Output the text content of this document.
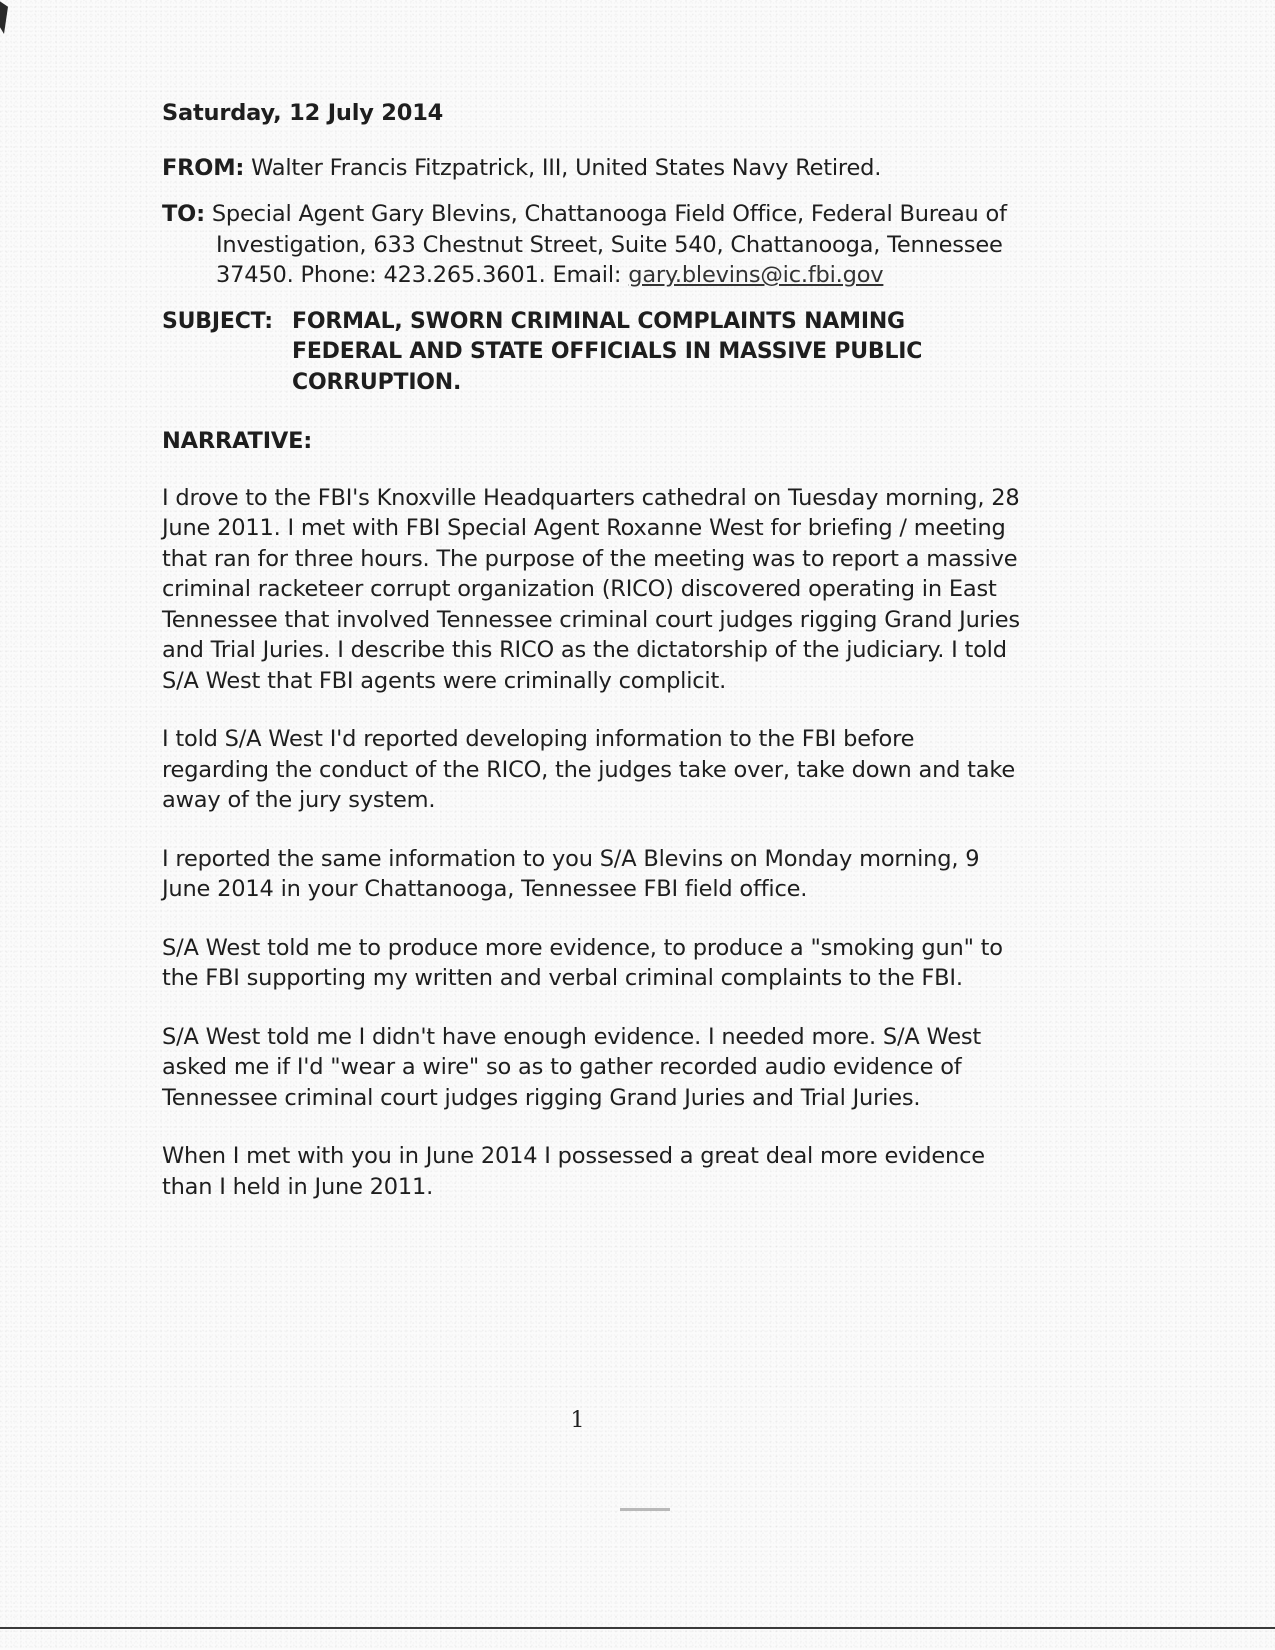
Saturday, 12 July 2014
FROM: Walter Francis Fitzpatrick, III, United States Navy Retired.
TO: Special Agent Gary Blevins, Chattanooga Field Office, Federal Bureau of Investigation, 633 Chestnut Street, Suite 540, Chattanooga, Tennessee 37450. Phone: 423.265.3601. Email: gary.blevins@ic.fbi.gov
SUBJECT: FORMAL, SWORN CRIMINAL COMPLAINTS NAMING FEDERAL AND STATE OFFICIALS IN MASSIVE PUBLIC CORRUPTION.
NARRATIVE:
I drove to the FBI's Knoxville Headquarters cathedral on Tuesday morning, 28 June 2011. I met with FBI Special Agent Roxanne West for briefing / meeting that ran for three hours. The purpose of the meeting was to report a massive criminal racketeer corrupt organization (RICO) discovered operating in East Tennessee that involved Tennessee criminal court judges rigging Grand Juries and Trial Juries. I describe this RICO as the dictatorship of the judiciary. I told S/A West that FBI agents were criminally complicit.
I told S/A West I'd reported developing information to the FBI before regarding the conduct of the RICO, the judges take over, take down and take away of the jury system.
I reported the same information to you S/A Blevins on Monday morning, 9 June 2014 in your Chattanooga, Tennessee FBI field office.
S/A West told me to produce more evidence, to produce a "smoking gun" to the FBI supporting my written and verbal criminal complaints to the FBI.
S/A West told me I didn't have enough evidence. I needed more. S/A West asked me if I'd "wear a wire" so as to gather recorded audio evidence of Tennessee criminal court judges rigging Grand Juries and Trial Juries.
When I met with you in June 2014 I possessed a great deal more evidence than I held in June 2011.
1
